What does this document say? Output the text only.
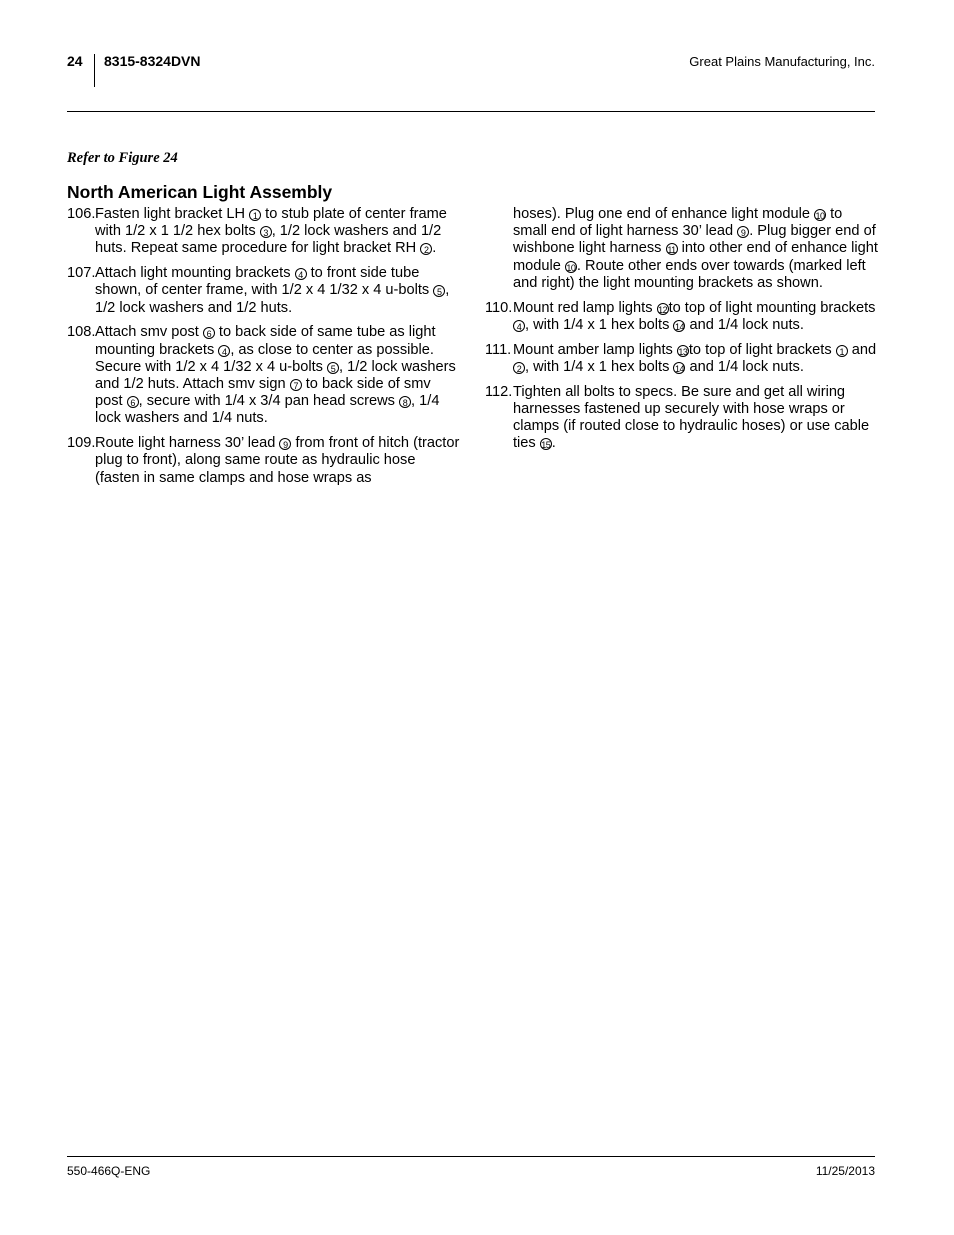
24 8315-8324DVN	Great Plains Manufacturing, Inc.
Refer to Figure 24
North American Light Assembly
106. Fasten light bracket LH 1 to stub plate of center frame with 1/2 x 1 1/2 hex bolts 3 , 1/2 lock washers and 1/2 huts. Repeat same procedure for light bracket RH 2 .
107. Attach light mounting brackets 4 to front side tube shown, of center frame, with 1/2 x 4 1/32 x 4 u-bolts 5 , 1/2 lock washers and 1/2 huts.
108. Attach smv post 6 to back side of same tube as light mounting brackets 4 , as close to center as possible. Secure with 1/2 x 4 1/32 x 4 u-bolts 5 , 1/2 lock washers and 1/2 huts. Attach smv sign 7 to back side of smv post 6 , secure with 1/4 x 3/4 pan head screws 8 , 1/4 lock washers and 1/4 nuts.
109. Route light harness 30’ lead 9 from front of hitch (tractor plug to front), along same route as hydraulic hose (fasten in same clamps and hose wraps as
hoses). Plug one end of enhance light module 10 to small end of light harness 30’ lead 9 . Plug bigger end of wishbone light harness 11 into other end of enhance light module 10 . Route other ends over towards (marked left and right) the light mounting brackets as shown.
110. Mount red lamp lights 12 to top of light mounting brackets 4 , with 1/4 x 1 hex bolts 14 and 1/4 lock nuts.
111. Mount amber lamp lights 13 to top of light brackets 1 and 2 , with 1/4 x 1 hex bolts 14 and 1/4 lock nuts.
112. Tighten all bolts to specs. Be sure and get all wiring harnesses fastened up securely with hose wraps or clamps (if routed close to hydraulic hoses) or use cable ties 15 .
550-466Q-ENG	11/25/2013
